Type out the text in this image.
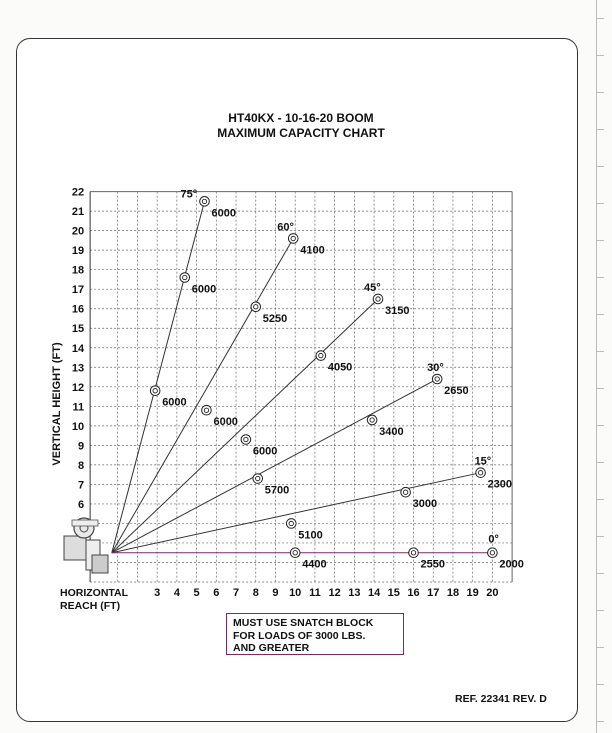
6
7
8
9
10
11
12
13
14
15
16
17
18
19
20
21
22
3 4 5 6 7 8 9 10 11 12 13 14 15 16 17 18 19 20
HT40KX - 10-16-20 BOOM
MAXIMUM CAPACITY CHART
VERTICAL HEIGHT (FT)
HORIZONTAL
REACH (FT)
6000
6000
6000
75°
6000
5250
4100
60°
6000
4050
3150
45°
5700
3400
2650
30°
5100
3000
2300
15°
4400	2550	2000
0°
MUST USE SNATCH BLOCK
FOR LOADS OF 3000 LBS.
AND GREATER
REF. 22341 REV. D
